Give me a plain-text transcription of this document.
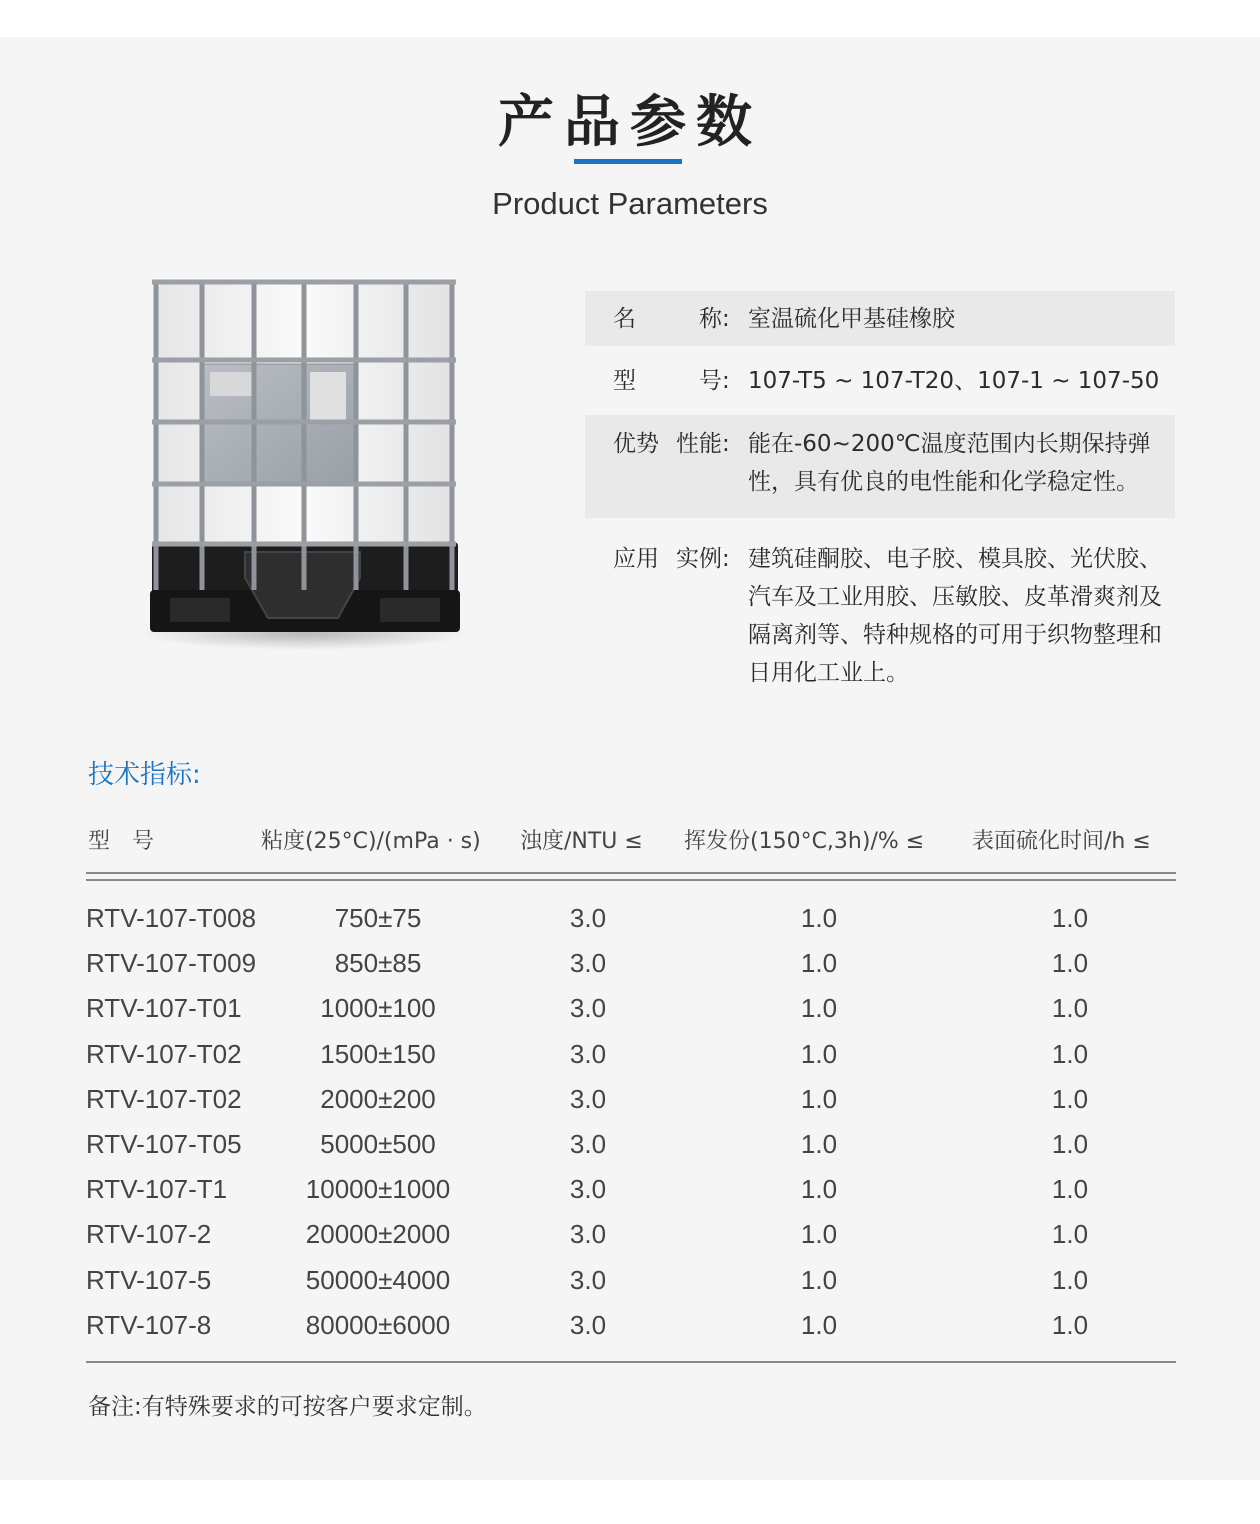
产品参数
Product Parameters
名	称 : 室温硫化甲基硅橡胶
型	号 : 107-T5 ~ 107-T20、107-1 ~ 107-50
优势 性能 : 能在-60~200℃温度范围内长期保持弹性，具有优良的电性能和化学稳定性。
应用 实例 : 建筑硅酮胶、电子胶、模具胶、光伏胶、汽车及工业用胶、压敏胶、皮革滑爽剂及隔离剂等、特种规格的可用于织物整理和日用化工业上。
技术指标:
型　号	粘度(25°C)/(mPa · s) 浊度/NTU ≤ 挥发份(150°C,3h)/% ≤ 表面硫化时间/h ≤
RTV-107-T008	750±75	3.0	1.0	1.0
RTV-107-T009	850±85	3.0	1.0	1.0
RTV-107-T01	1000±100	3.0	1.0	1.0
RTV-107-T02	1500±150	3.0	1.0	1.0
RTV-107-T02	2000±200	3.0	1.0	1.0
RTV-107-T05	5000±500	3.0	1.0	1.0
RTV-107-T1	10000±1000	3.0	1.0	1.0
RTV-107-2	20000±2000	3.0	1.0	1.0
RTV-107-5	50000±4000	3.0	1.0	1.0
RTV-107-8	80000±6000	3.0	1.0	1.0
备注:有特殊要求的可按客户要求定制。
